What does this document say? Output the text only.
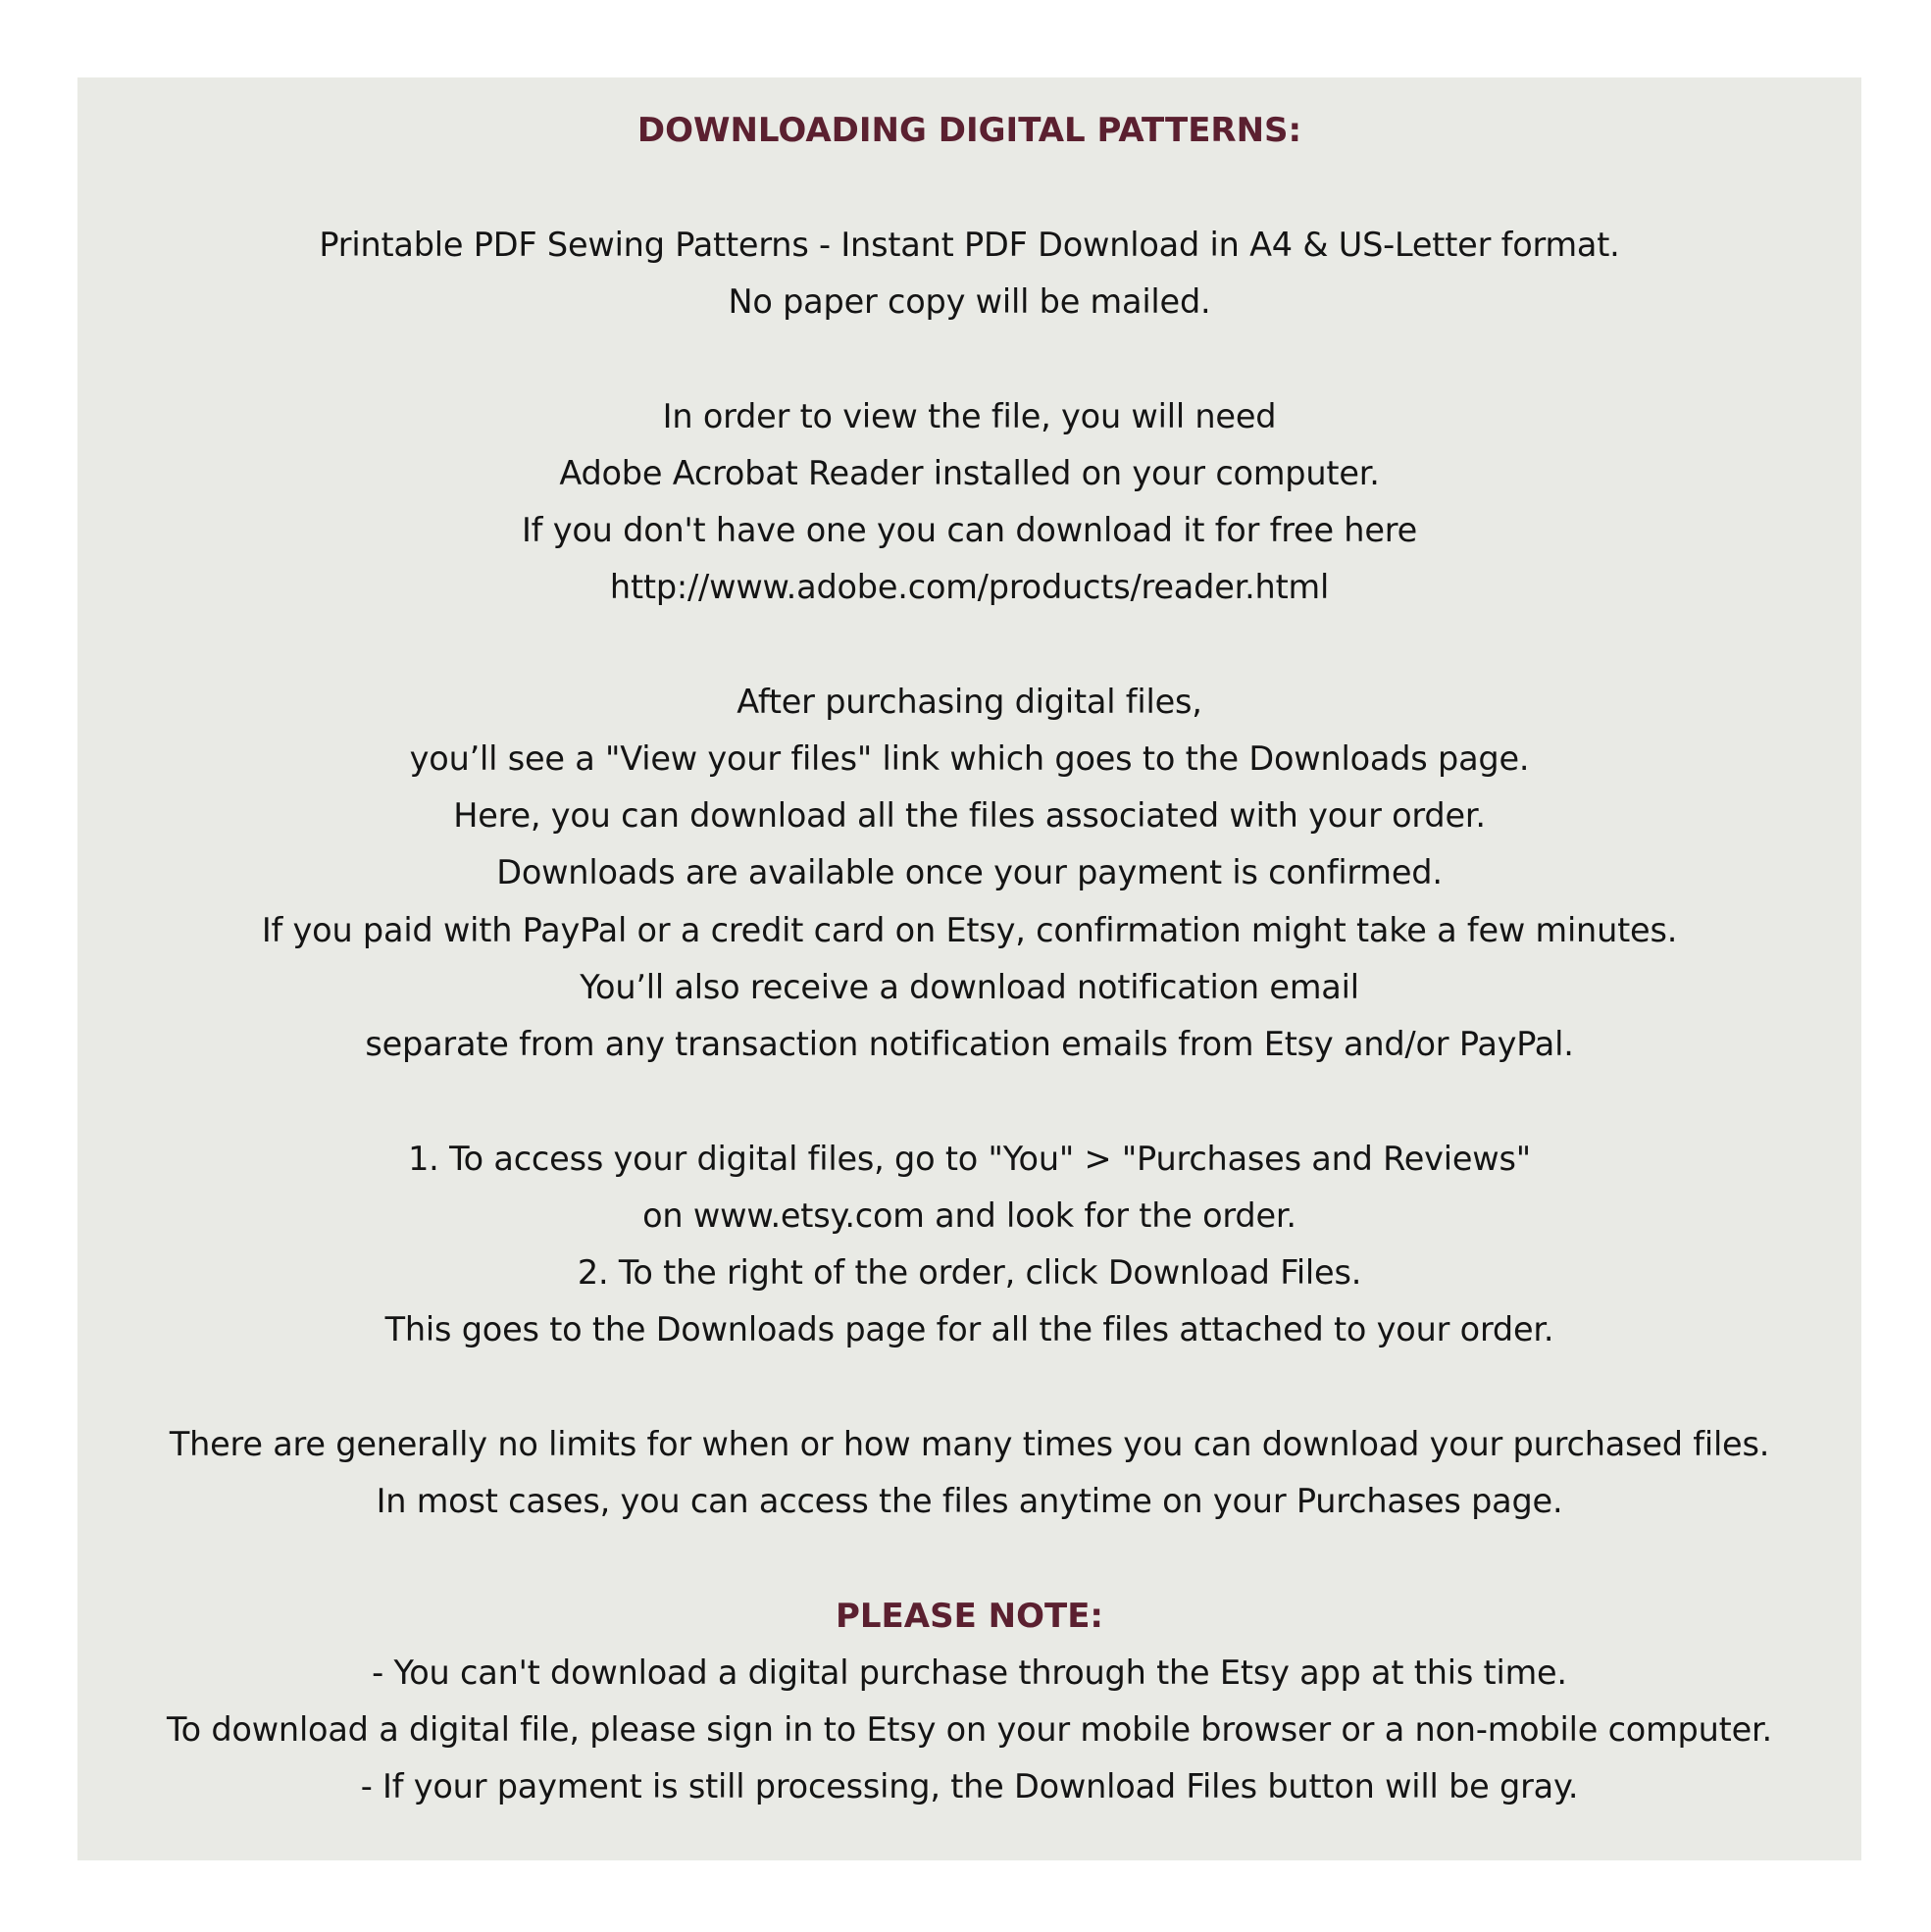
DOWNLOADING DIGITAL PATTERNS:
Printable PDF Sewing Patterns - Instant PDF Download in A4 & US-Letter format.
No paper copy will be mailed.
In order to view the file, you will need
Adobe Acrobat Reader installed on your computer.
If you don't have one you can download it for free here
http://www.adobe.com/products/reader.html
After purchasing digital files,
you’ll see a "View your files" link which goes to the Downloads page.
Here, you can download all the files associated with your order.
Downloads are available once your payment is confirmed.
If you paid with PayPal or a credit card on Etsy, confirmation might take a few minutes.
You’ll also receive a download notification email
separate from any transaction notification emails from Etsy and/or PayPal.
1. To access your digital files, go to "You" > "Purchases and Reviews"
on www.etsy.com and look for the order.
2. To the right of the order, click Download Files.
This goes to the Downloads page for all the files attached to your order.
There are generally no limits for when or how many times you can download your purchased files.
In most cases, you can access the files anytime on your Purchases page.
PLEASE NOTE:
- You can't download a digital purchase through the Etsy app at this time.
To download a digital file, please sign in to Etsy on your mobile browser or a non-mobile computer.
- If your payment is still processing, the Download Files button will be gray.
